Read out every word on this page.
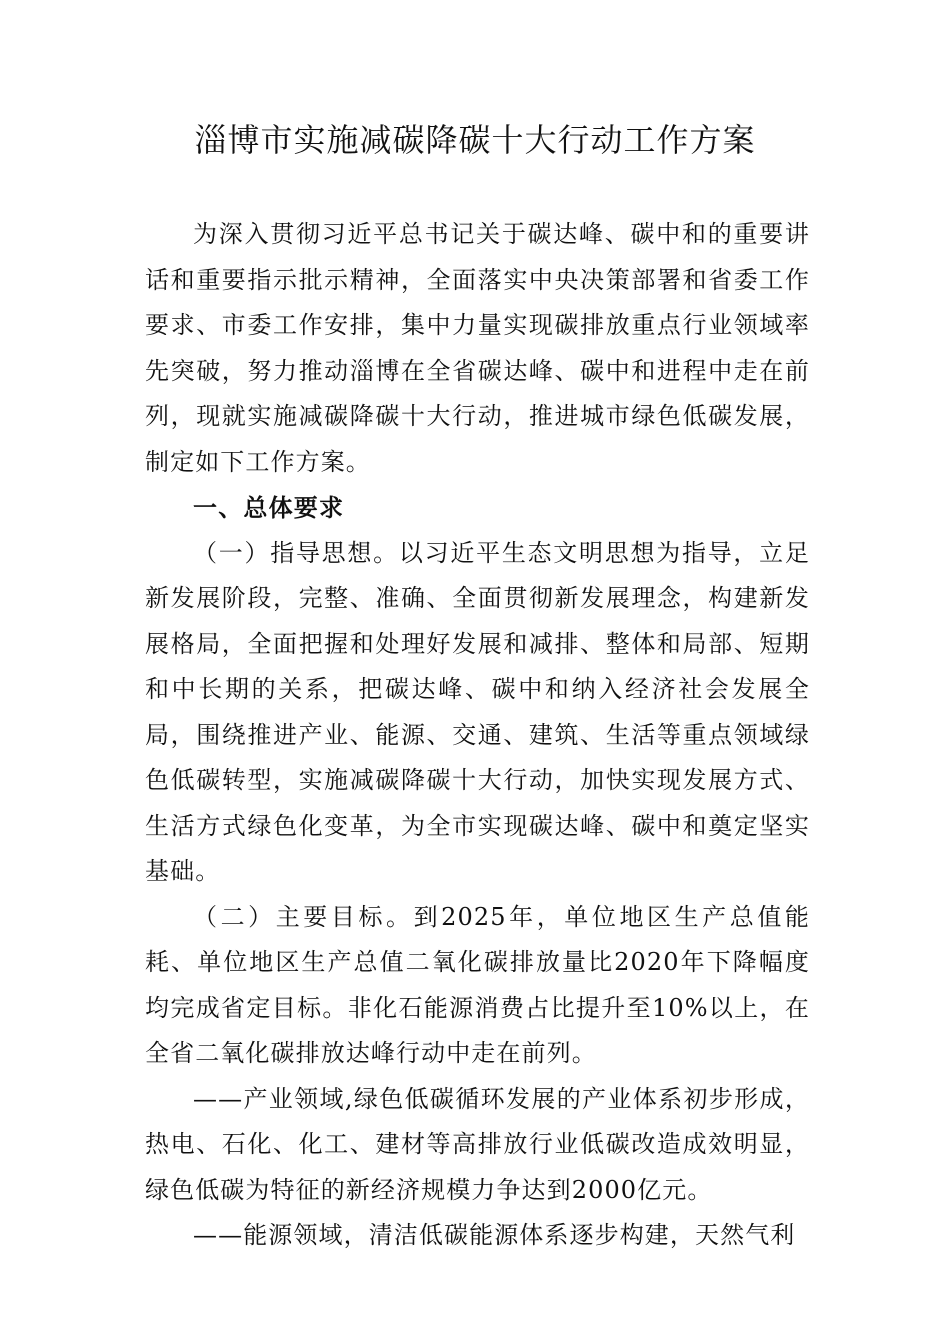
淄博市实施减碳降碳十大行动工作方案

为深入贯彻习近平总书记关于碳达峰、碳中和的重要讲话和重要指示批示精神，全面落实中央决策部署和省委工作要求、市委工作安排，集中力量实现碳排放重点行业领域率先突破，努力推动淄博在全省碳达峰、碳中和进程中走在前列，现就实施减碳降碳十大行动，推进城市绿色低碳发展，制定如下工作方案。

一、总体要求

（一）指导思想。以习近平生态文明思想为指导，立足新发展阶段，完整、准确、全面贯彻新发展理念，构建新发展格局，全面把握和处理好发展和减排、整体和局部、短期和中长期的关系，把碳达峰、碳中和纳入经济社会发展全局，围绕推进产业、能源、交通、建筑、生活等重点领域绿色低碳转型，实施减碳降碳十大行动，加快实现发展方式、生活方式绿色化变革，为全市实现碳达峰、碳中和奠定坚实基础。

（二）主要目标。到2025年，单位地区生产总值能耗、单位地区生产总值二氧化碳排放量比2020年下降幅度均完成省定目标。非化石能源消费占比提升至10%以上，在全省二氧化碳排放达峰行动中走在前列。

——产业领域,绿色低碳循环发展的产业体系初步形成，热电、石化、化工、建材等高排放行业低碳改造成效明显，绿色低碳为特征的新经济规模力争达到2000亿元。

——能源领域，清洁低碳能源体系逐步构建，天然气利
